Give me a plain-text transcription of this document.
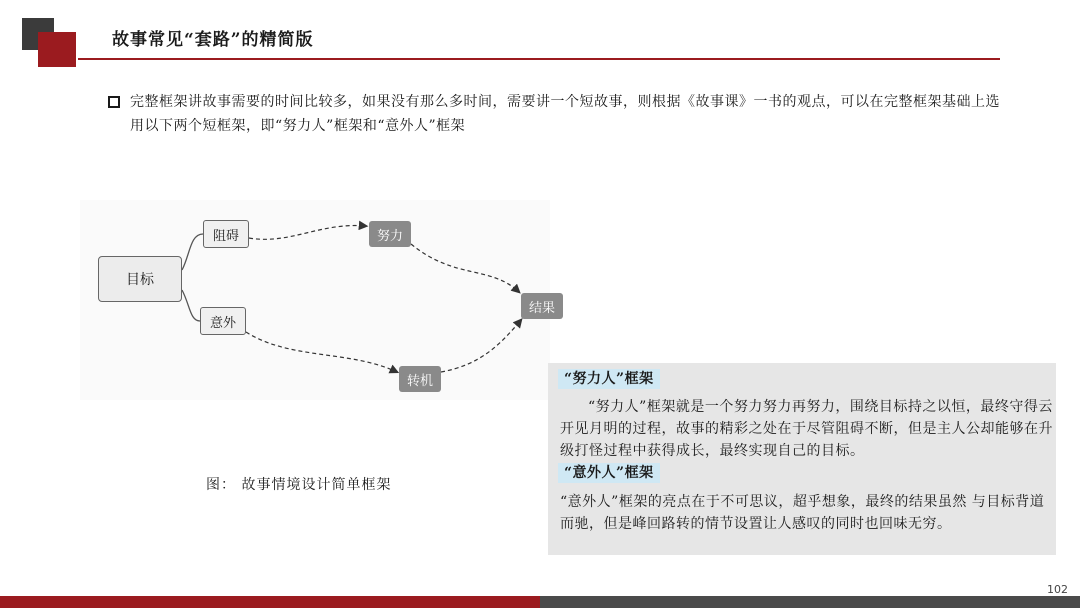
故事常见“套路”的精简版
完整框架讲故事需要的时间比较多，如果没有那么多时间，需要讲一个短故事，则根据《故事课》一书的观点，可以在完整框架基础上选用以下两个短框架，即“努力人”框架和“意外人”框架
目标
阻碍
意外
努力
结果
转机
图： 故事情境设计简单框架
“努力人”框架
“努力人”框架就是一个努力努力再努力，围绕目标持之以恒，最终守得云开见月明的过程，故事的精彩之处在于尽管阻碍不断，但是主人公却能够在升级打怪过程中获得成长，最终实现自己的目标。
“意外人”框架
“意外人”框架的亮点在于不可思议，超乎想象，最终的结果虽然 与目标背道而驰，但是峰回路转的情节设置让人感叹的同时也回味无穷。
102
